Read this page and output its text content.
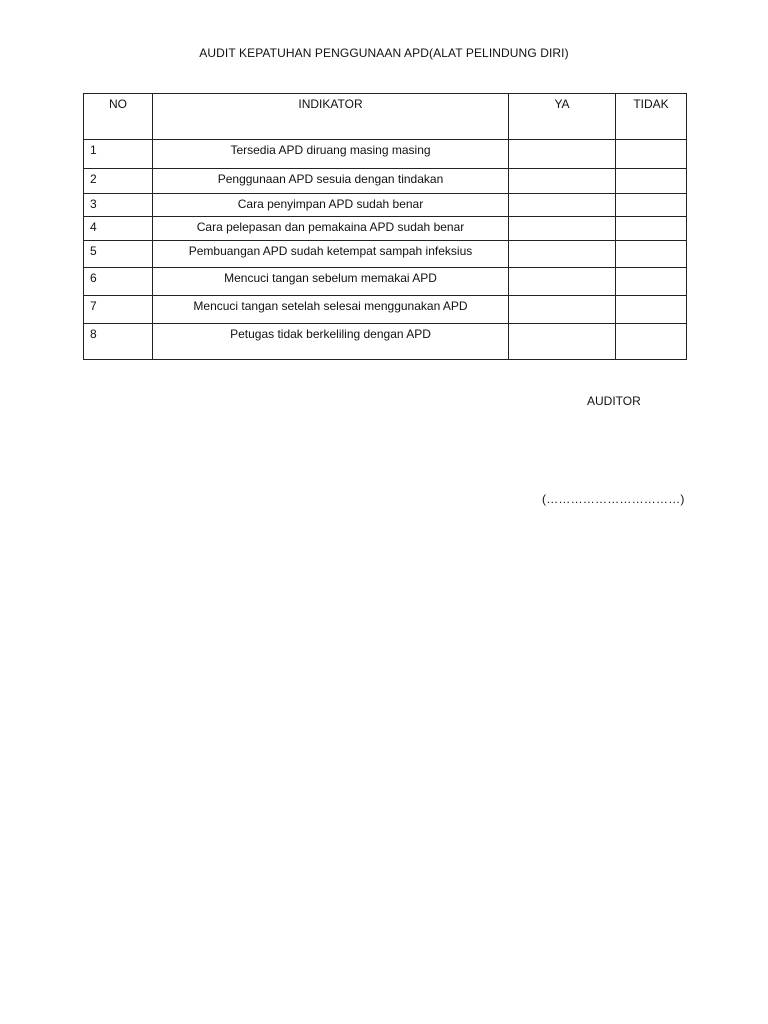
AUDIT KEPATUHAN PENGGUNAAN APD(ALAT PELINDUNG DIRI)
NO	INDIKATOR	YA	TIDAK
1	Tersedia APD diruang masing masing		
2	Penggunaan APD sesuia dengan tindakan		
3	Cara penyimpan APD sudah benar		
4	Cara pelepasan dan pemakaina APD sudah benar		
5	Pembuangan APD sudah ketempat sampah infeksius		
6	Mencuci tangan sebelum memakai APD		
7	Mencuci tangan setelah selesai menggunakan APD		
8	Petugas tidak berkeliling dengan APD		
AUDITOR
(……………………………)
